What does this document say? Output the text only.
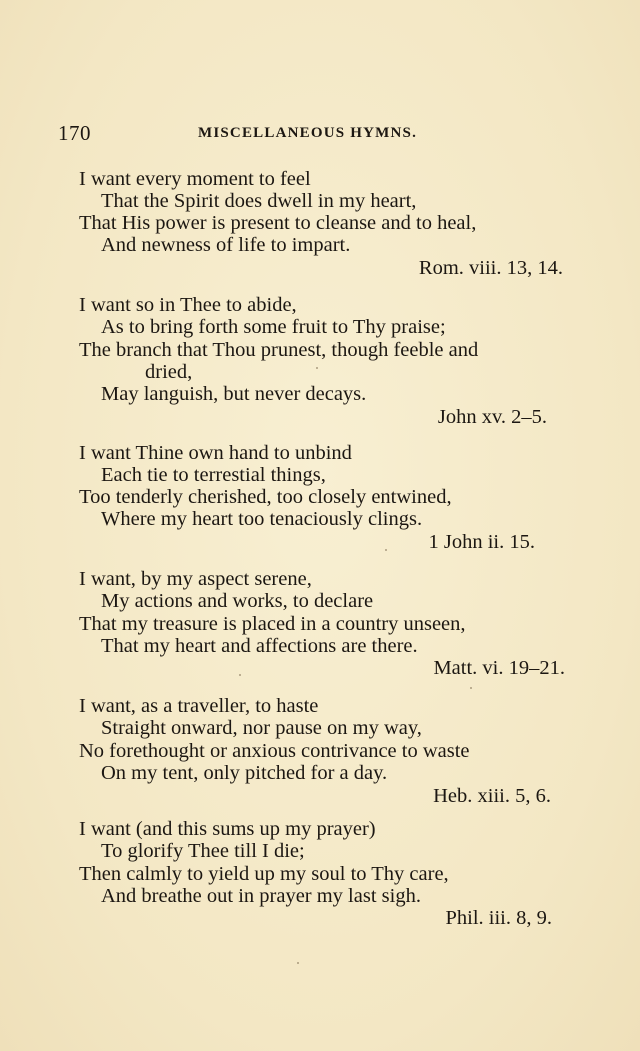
170	MISCELLANEOUS HYMNS.
I want every moment to feel
That the Spirit does dwell in my heart,
That His power is present to cleanse and to heal,
And newness of life to impart.
Rom. viii. 13, 14.
I want so in Thee to abide,
As to bring forth some fruit to Thy praise;
The branch that Thou prunest, though feeble and
dried,
May languish, but never decays.
John xv. 2–5.
I want Thine own hand to unbind
Each tie to terrestial things,
Too tenderly cherished, too closely entwined,
Where my heart too tenaciously clings.
1 John ii. 15.
I want, by my aspect serene,
My actions and works, to declare
That my treasure is placed in a country unseen,
That my heart and affections are there.
Matt. vi. 19–21.
I want, as a traveller, to haste
Straight onward, nor pause on my way,
No forethought or anxious contrivance to waste
On my tent, only pitched for a day.
Heb. xiii. 5, 6.
I want (and this sums up my prayer)
To glorify Thee till I die;
Then calmly to yield up my soul to Thy care,
And breathe out in prayer my last sigh.
Phil. iii. 8, 9.
